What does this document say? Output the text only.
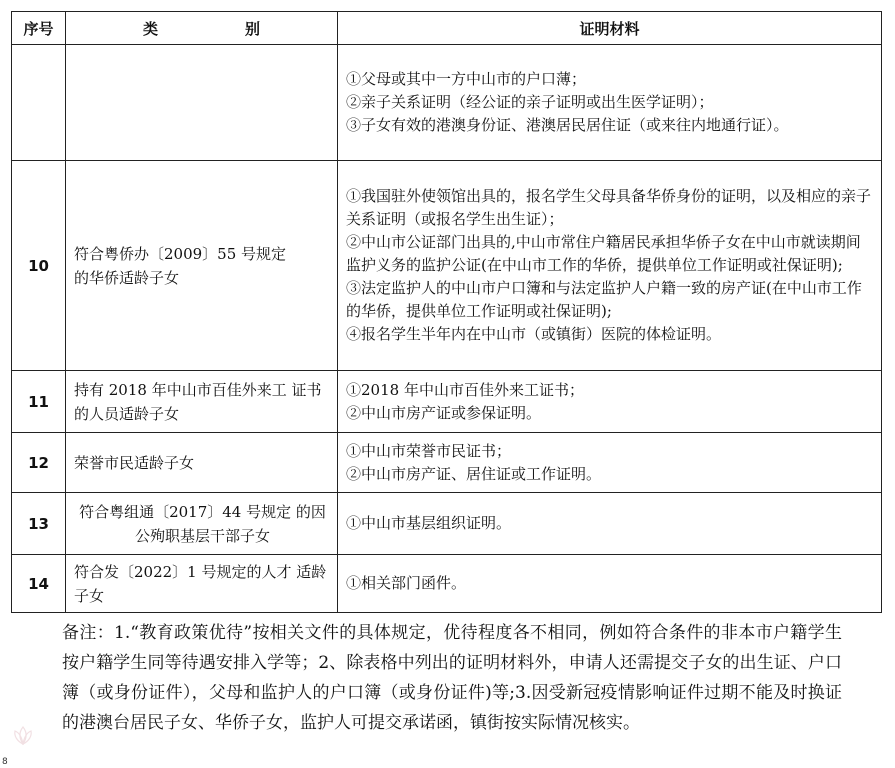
序号	类　别	证明材料

		①父母或其中一方中山市的户口薄；
②亲子关系证明（经公证的亲子证明或出生医学证明）；
③子女有效的港澳身份证、港澳居民居住证（或来往内地通行证）。

10	符合粤侨办〔2009〕55 号规定
的华侨适龄子女	①我国驻外使领馆出具的，报名学生父母具备华侨身份的证明，以及相应的亲子关系证明（或报名学生出生证）；
②中山市公证部门出具的,中山市常住户籍居民承担华侨子女在中山市就读期间监护义务的监护公证(在中山市工作的华侨，提供单位工作证明或社保证明);
③法定监护人的中山市户口簿和与法定监护人户籍一致的房产证(在中山市工作的华侨，提供单位工作证明或社保证明);
④报名学生半年内在中山市（或镇街）医院的体检证明。

11	持有 2018 年中山市百佳外来工 证书的人员适龄子女	①2018 年中山市百佳外来工证书；
②中山市房产证或参保证明。

12	荣誉市民适龄子女	①中山市荣誉市民证书；
②中山市房产证、居住证或工作证明。

13	符合粤组通〔2017〕44 号规定 的因公殉职基层干部子女	①中山市基层组织证明。

14	符合发〔2022〕1 号规定的人才 适龄子女	①相关部门函件。

备注：1.“教育政策优待”按相关文件的具体规定，优待程度各不相同，例如符合条件的非本市户籍学生按户籍学生同等待遇安排入学等；2、除表格中列出的证明材料外，申请人还需提交子女的出生证、户口簿（或身份证件），父母和监护人的户口簿（或身份证件)等;3.因受新冠疫情影响证件过期不能及时换证的港澳台居民子女、华侨子女，监护人可提交承诺函，镇街按实际情况核实。

8
